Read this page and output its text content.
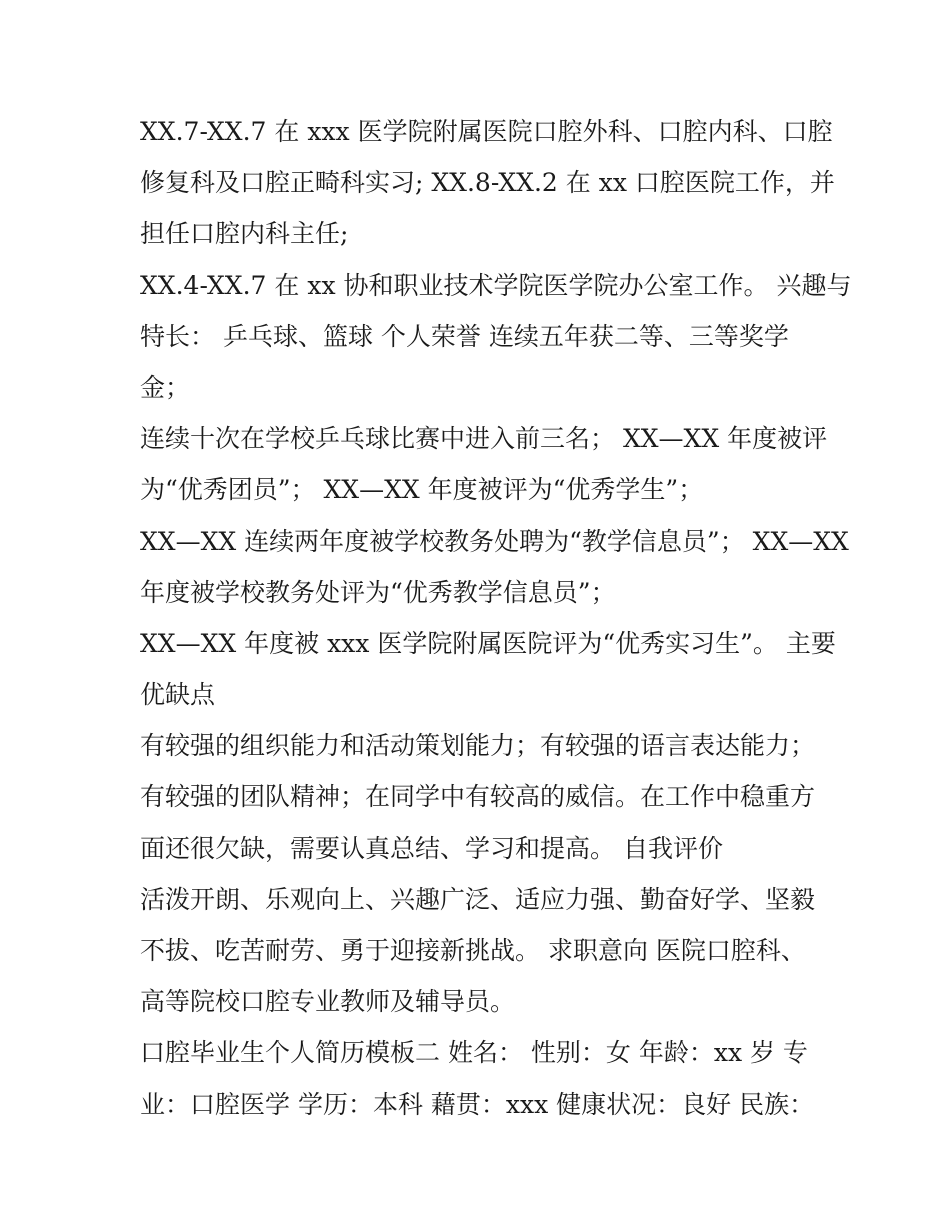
XX.7-XX.7 在 xxx 医学院附属医院口腔外科、口腔内科、口腔
修复科及口腔正畸科实习; XX.8-XX.2 在 xx 口腔医院工作，并
担任口腔内科主任;

XX.4-XX.7 在 xx 协和职业技术学院医学院办公室工作。 兴趣与
特长： 乒乓球、篮球 个人荣誉 连续五年获二等、三等奖学
金；

连续十次在学校乒乓球比赛中进入前三名； XX—XX 年度被评
为“优秀团员”； XX—XX 年度被评为“优秀学生”；

XX—XX 连续两年度被学校教务处聘为“教学信息员”； XX—XX
年度被学校教务处评为“优秀教学信息员”；

XX—XX 年度被 xxx 医学院附属医院评为“优秀实习生”。 主要
优缺点

有较强的组织能力和活动策划能力；有较强的语言表达能力；
有较强的团队精神；在同学中有较高的威信。在工作中稳重方
面还很欠缺，需要认真总结、学习和提高。 自我评价

活泼开朗、乐观向上、兴趣广泛、适应力强、勤奋好学、坚毅
不拔、吃苦耐劳、勇于迎接新挑战。 求职意向 医院口腔科、
高等院校口腔专业教师及辅导员。

口腔毕业生个人简历模板二 姓名： 性别：女 年龄：xx 岁 专
业：口腔医学 学历：本科 藉贯：xxx 健康状况：良好 民族：
